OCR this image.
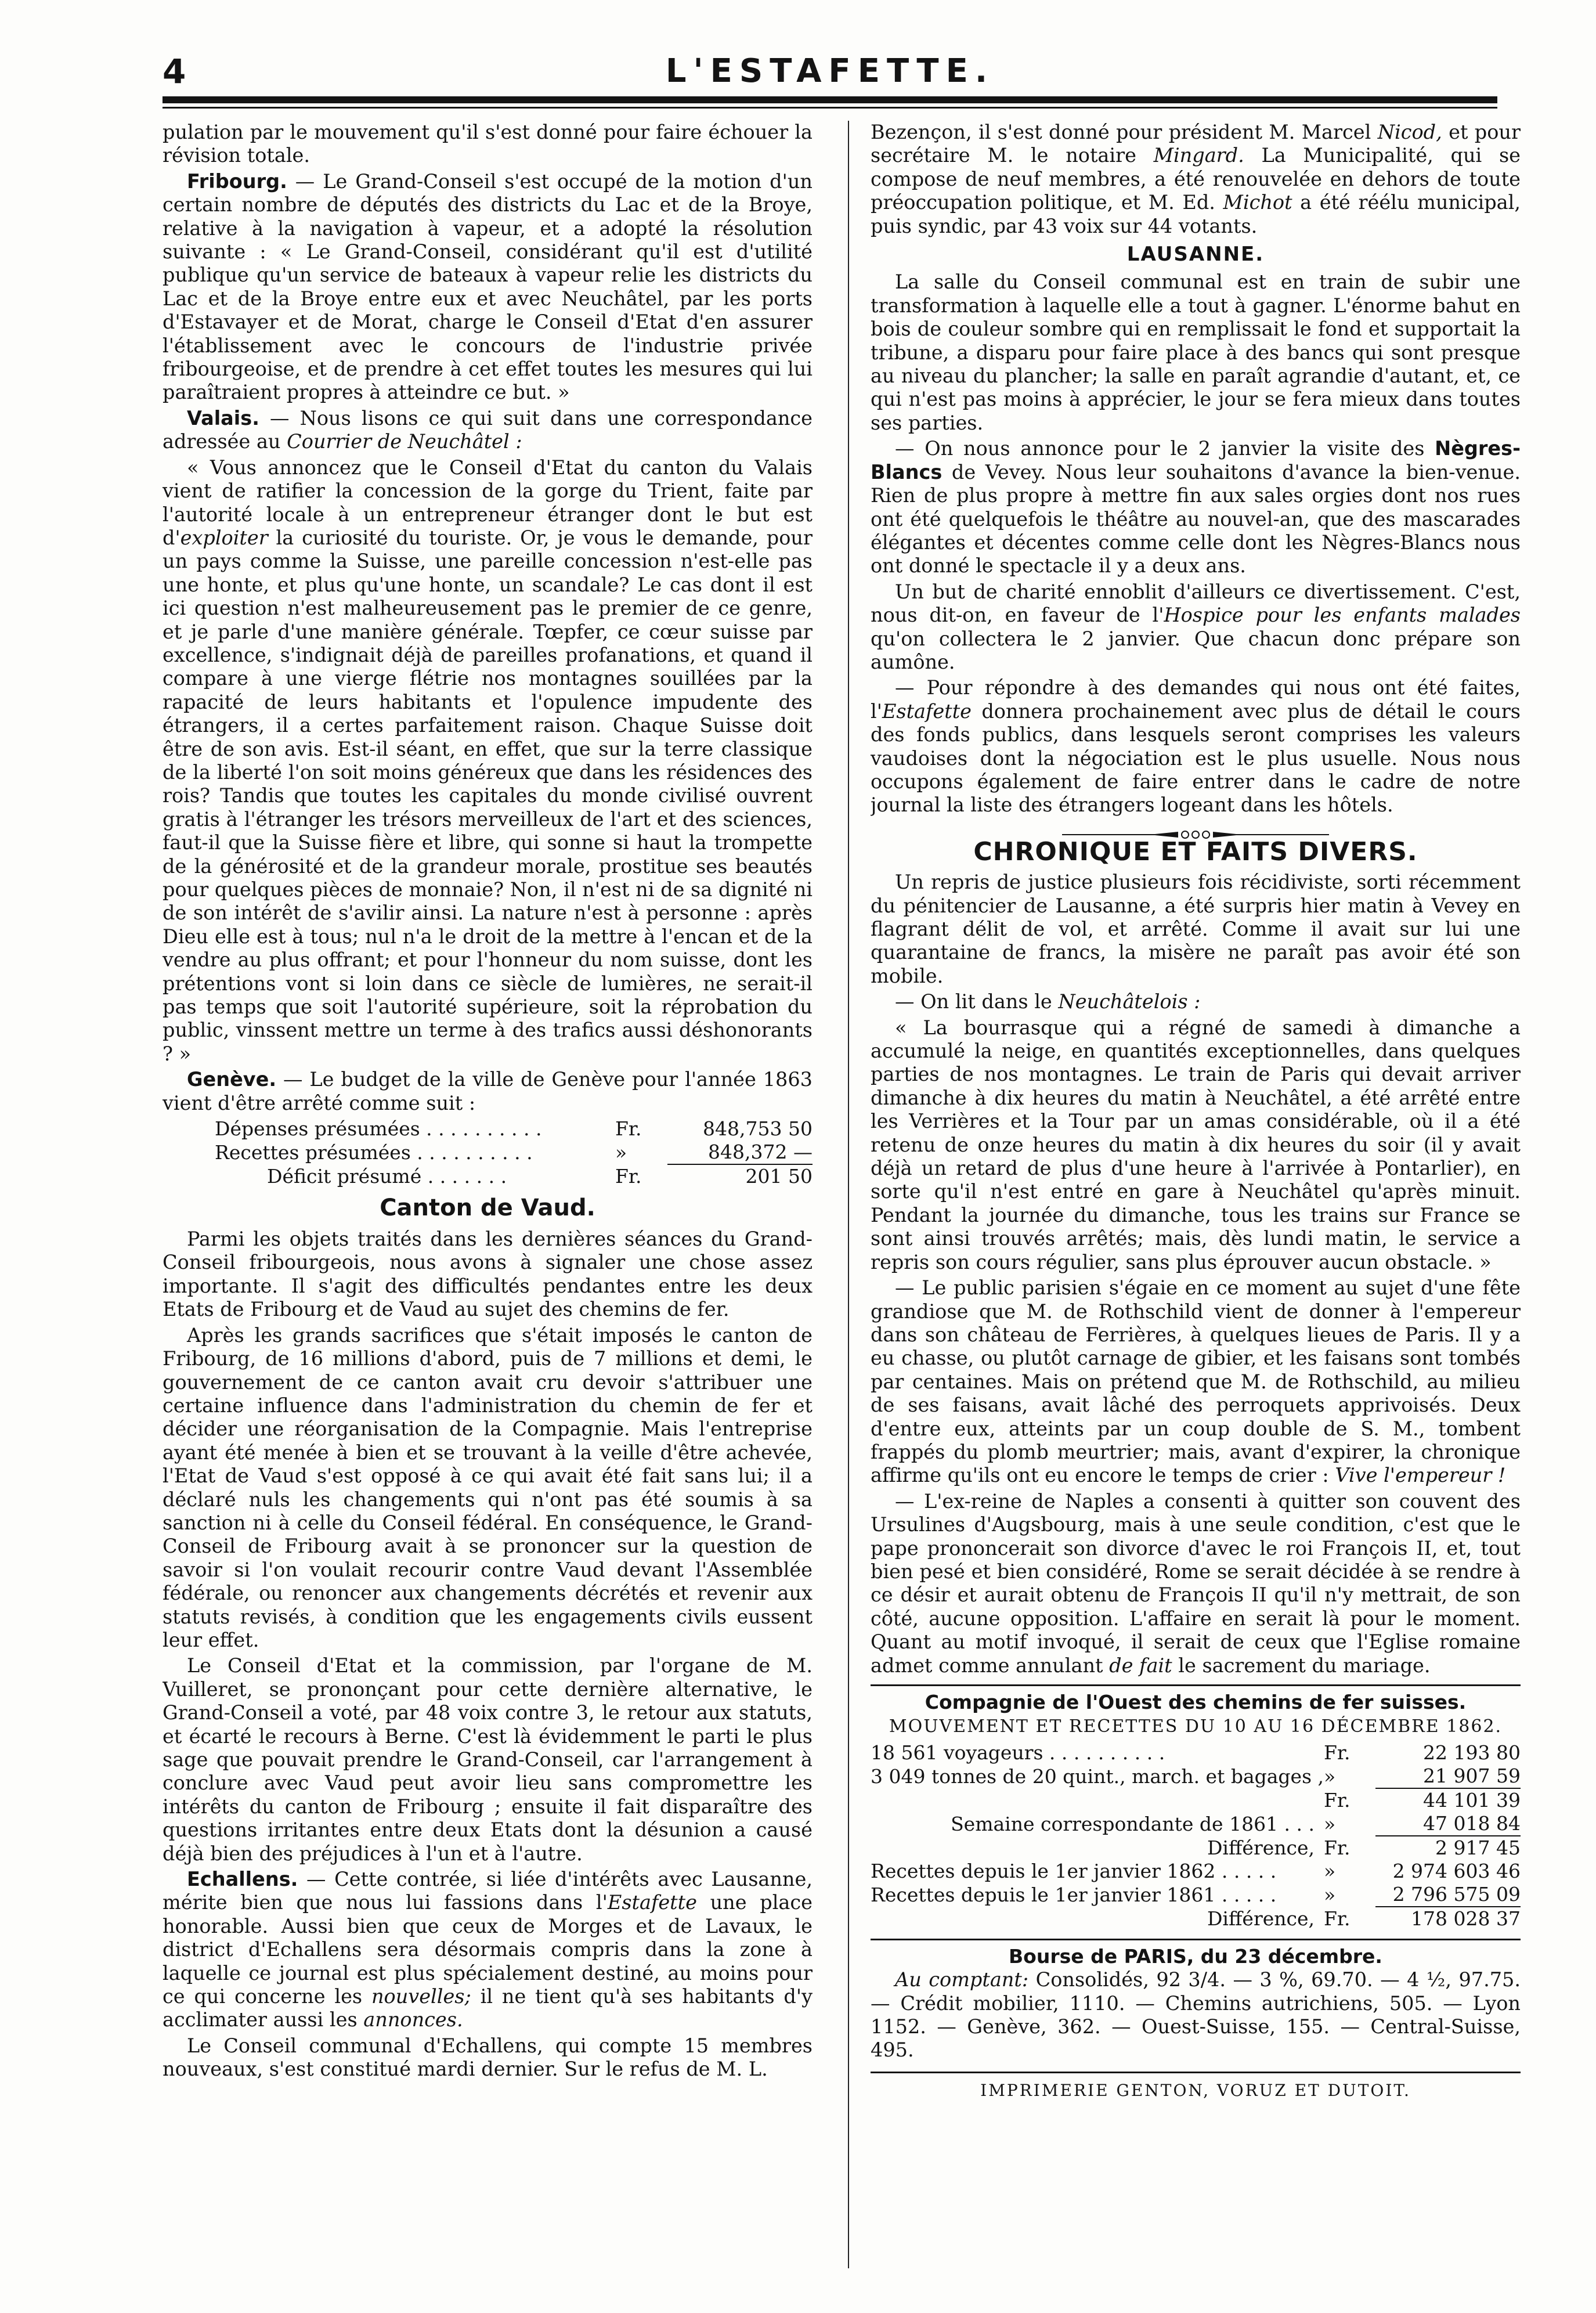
4	L'ESTAFETTE.

pulation par le mouvement qu'il s'est donné pour faire échouer la révision totale.

Fribourg. — Le Grand-Conseil s'est occupé de la motion d'un certain nombre de députés des districts du Lac et de la Broye, relative à la navigation à vapeur, et a adopté la résolution suivante : « Le Grand-Conseil, considérant qu'il est d'utilité publique qu'un service de bateaux à vapeur relie les districts du Lac et de la Broye entre eux et avec Neuchâtel, par les ports d'Estavayer et de Morat, charge le Conseil d'Etat d'en assurer l'établissement avec le concours de l'industrie privée fribourgeoise, et de prendre à cet effet toutes les mesures qui lui paraîtraient propres à atteindre ce but. »

Valais. — Nous lisons ce qui suit dans une correspondance adressée au Courrier de Neuchâtel :

« Vous annoncez que le Conseil d'Etat du canton du Valais vient de ratifier la concession de la gorge du Trient, faite par l'autorité locale à un entrepreneur étranger dont le but est d'exploiter la curiosité du touriste. Or, je vous le demande, pour un pays comme la Suisse, une pareille concession n'est-elle pas une honte, et plus qu'une honte, un scandale? Le cas dont il est ici question n'est malheureusement pas le premier de ce genre, et je parle d'une manière générale. Tœpfer, ce cœur suisse par excellence, s'indignait déjà de pareilles profanations, et quand il compare à une vierge flétrie nos montagnes souillées par la rapacité de leurs habitants et l'opulence impudente des étrangers, il a certes parfaitement raison. Chaque Suisse doit être de son avis. Est-il séant, en effet, que sur la terre classique de la liberté l'on soit moins généreux que dans les résidences des rois? Tandis que toutes les capitales du monde civilisé ouvrent gratis à l'étranger les trésors merveilleux de l'art et des sciences, faut-il que la Suisse fière et libre, qui sonne si haut la trompette de la générosité et de la grandeur morale, prostitue ses beautés pour quelques pièces de monnaie? Non, il n'est ni de sa dignité ni de son intérêt de s'avilir ainsi. La nature n'est à personne : après Dieu elle est à tous; nul n'a le droit de la mettre à l'encan et de la vendre au plus offrant; et pour l'honneur du nom suisse, dont les prétentions vont si loin dans ce siècle de lumières, ne serait-il pas temps que soit l'autorité supérieure, soit la réprobation du public, vinssent mettre un terme à des trafics aussi déshonorants ? »

Genève. — Le budget de la ville de Genève pour l'année 1863 vient d'être arrêté comme suit :

Dépenses présumées . . . . . . . . . .	Fr.	848,753 50
Recettes présumées . . . . . . . . . .	»	848,372 —
Déficit présumé . . . . . . .	Fr.	201 50
Canton de Vaud.

Parmi les objets traités dans les dernières séances du Grand-Conseil fribourgeois, nous avons à signaler une chose assez importante. Il s'agit des difficultés pendantes entre les deux Etats de Fribourg et de Vaud au sujet des chemins de fer.

Après les grands sacrifices que s'était imposés le canton de Fribourg, de 16 millions d'abord, puis de 7 millions et demi, le gouvernement de ce canton avait cru devoir s'attribuer une certaine influence dans l'administration du chemin de fer et décider une réorganisation de la Compagnie. Mais l'entreprise ayant été menée à bien et se trouvant à la veille d'être achevée, l'Etat de Vaud s'est opposé à ce qui avait été fait sans lui; il a déclaré nuls les changements qui n'ont pas été soumis à sa sanction ni à celle du Conseil fédéral. En conséquence, le Grand-Conseil de Fribourg avait à se prononcer sur la question de savoir si l'on voulait recourir contre Vaud devant l'Assemblée fédérale, ou renoncer aux changements décrétés et revenir aux statuts revisés, à condition que les engagements civils eussent leur effet.

Le Conseil d'Etat et la commission, par l'organe de M. Vuilleret, se prononçant pour cette dernière alternative, le Grand-Conseil a voté, par 48 voix contre 3, le retour aux statuts, et écarté le recours à Berne. C'est là évidemment le parti le plus sage que pouvait prendre le Grand-Conseil, car l'arrangement à conclure avec Vaud peut avoir lieu sans compromettre les intérêts du canton de Fribourg ; ensuite il fait disparaître des questions irritantes entre deux Etats dont la désunion a causé déjà bien des préjudices à l'un et à l'autre.

Echallens. — Cette contrée, si liée d'intérêts avec Lausanne, mérite bien que nous lui fassions dans l'Estafette une place honorable. Aussi bien que ceux de Morges et de Lavaux, le district d'Echallens sera désormais compris dans la zone à laquelle ce journal est plus spécialement destiné, au moins pour ce qui concerne les nouvelles; il ne tient qu'à ses habitants d'y acclimater aussi les annonces.

Le Conseil communal d'Echallens, qui compte 15 membres nouveaux, s'est constitué mardi dernier. Sur le refus de M. L.

Bezençon, il s'est donné pour président M. Marcel Nicod, et pour secrétaire M. le notaire Mingard. La Municipalité, qui se compose de neuf membres, a été renouvelée en dehors de toute préoccupation politique, et M. Ed. Michot a été réélu municipal, puis syndic, par 43 voix sur 44 votants.

LAUSANNE.

La salle du Conseil communal est en train de subir une transformation à laquelle elle a tout à gagner. L'énorme bahut en bois de couleur sombre qui en remplissait le fond et supportait la tribune, a disparu pour faire place à des bancs qui sont presque au niveau du plancher; la salle en paraît agrandie d'autant, et, ce qui n'est pas moins à apprécier, le jour se fera mieux dans toutes ses parties.

— On nous annonce pour le 2 janvier la visite des Nègres-Blancs de Vevey. Nous leur souhaitons d'avance la bien-venue. Rien de plus propre à mettre fin aux sales orgies dont nos rues ont été quelquefois le théâtre au nouvel-an, que des mascarades élégantes et décentes comme celle dont les Nègres-Blancs nous ont donné le spectacle il y a deux ans.

Un but de charité ennoblit d'ailleurs ce divertissement. C'est, nous dit-on, en faveur de l'Hospice pour les enfants malades qu'on collectera le 2 janvier. Que chacun donc prépare son aumône.

— Pour répondre à des demandes qui nous ont été faites, l'Estafette donnera prochainement avec plus de détail le cours des fonds publics, dans lesquels seront comprises les valeurs vaudoises dont la négociation est le plus usuelle. Nous nous occupons également de faire entrer dans le cadre de notre journal la liste des étrangers logeant dans les hôtels.

CHRONIQUE ET FAITS DIVERS.

Un repris de justice plusieurs fois récidiviste, sorti récemment du pénitencier de Lausanne, a été surpris hier matin à Vevey en flagrant délit de vol, et arrêté. Comme il avait sur lui une quarantaine de francs, la misère ne paraît pas avoir été son mobile.

— On lit dans le Neuchâtelois :

« La bourrasque qui a régné de samedi à dimanche a accumulé la neige, en quantités exceptionnelles, dans quelques parties de nos montagnes. Le train de Paris qui devait arriver dimanche à dix heures du matin à Neuchâtel, a été arrêté entre les Verrières et la Tour par un amas considérable, où il a été retenu de onze heures du matin à dix heures du soir (il y avait déjà un retard de plus d'une heure à l'arrivée à Pontarlier), en sorte qu'il n'est entré en gare à Neuchâtel qu'après minuit. Pendant la journée du dimanche, tous les trains sur France se sont ainsi trouvés arrêtés; mais, dès lundi matin, le service a repris son cours régulier, sans plus éprouver aucun obstacle. »

— Le public parisien s'égaie en ce moment au sujet d'une fête grandiose que M. de Rothschild vient de donner à l'empereur dans son château de Ferrières, à quelques lieues de Paris. Il y a eu chasse, ou plutôt carnage de gibier, et les faisans sont tombés par centaines. Mais on prétend que M. de Rothschild, au milieu de ses faisans, avait lâché des perroquets apprivoisés. Deux d'entre eux, atteints par un coup double de S. M., tombent frappés du plomb meurtrier; mais, avant d'expirer, la chronique affirme qu'ils ont eu encore le temps de crier : Vive l'empereur !

— L'ex-reine de Naples a consenti à quitter son couvent des Ursulines d'Augsbourg, mais à une seule condition, c'est que le pape prononcerait son divorce d'avec le roi François II, et, tout bien pesé et bien considéré, Rome se serait décidée à se rendre à ce désir et aurait obtenu de François II qu'il n'y mettrait, de son côté, aucune opposition. L'affaire en serait là pour le moment. Quant au motif invoqué, il serait de ceux que l'Eglise romaine admet comme annulant de fait le sacrement du mariage.

Compagnie de l'Ouest des chemins de fer suisses.
MOUVEMENT ET RECETTES DU 10 AU 16 DÉCEMBRE 1862.
18 561 voyageurs . . . . . . . . . .	Fr.	22 193 80
3 049 tonnes de 20 quint., march. et bagages ,	»	21 907 59
	Fr.	44 101 39
Semaine correspondante de 1861 . . .	»	47 018 84
Différence,	Fr.	2 917 45
Recettes depuis le 1er janvier 1862 . . . . .	»	2 974 603 46
Recettes depuis le 1er janvier 1861 . . . . .	»	2 796 575 09
Différence,	Fr.	178 028 37
Bourse de PARIS, du 23 décembre.

Au comptant: Consolidés, 92 3/4. — 3 %, 69.70. — 4 ½, 97.75. — Crédit mobilier, 1110. — Chemins autrichiens, 505. — Lyon 1152. — Genève, 362. — Ouest-Suisse, 155. — Central-Suisse, 495.

IMPRIMERIE GENTON, VORUZ ET DUTOIT.
